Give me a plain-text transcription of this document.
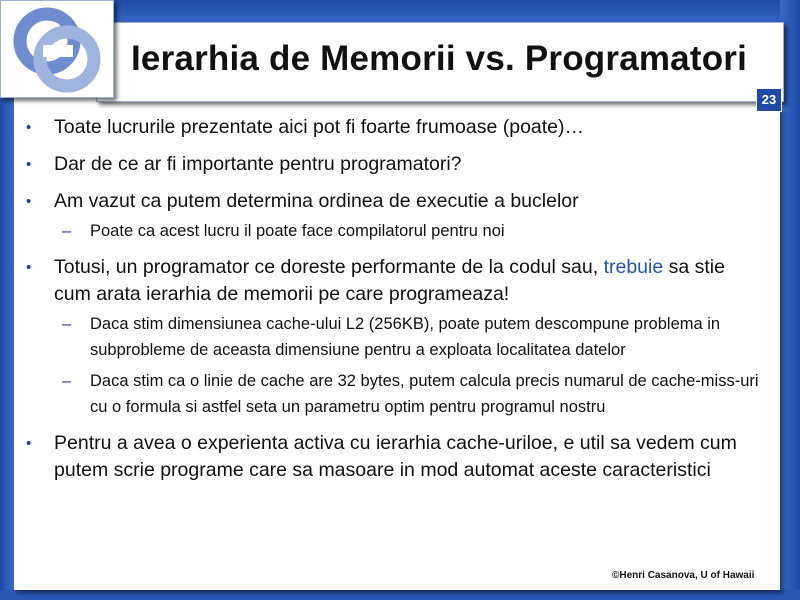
• Toate lucrurile prezentate aici pot fi foarte frumoase (poate)…
• Dar de ce ar fi importante pentru programatori?
• Am vazut ca putem determina ordinea de executie a buclelor
– Poate ca acest lucru il poate face compilatorul pentru noi
• Totusi, un programator ce doreste performante de la codul sau, trebuie sa stie cum arata ierarhia de memorii pe care programeaza!
– Daca stim dimensiunea cache-ului L2 (256KB), poate putem descompune problema in subprobleme de aceasta dimensiune pentru a exploata localitatea datelor
– Daca stim ca o linie de cache are 32 bytes, putem calcula precis numarul de cache-miss-uri cu o formula si astfel seta un parametru optim pentru programul nostru
• Pentru a avea o experienta activa cu ierarhia cache-uriloe, e util sa vedem cum putem scrie programe care sa masoare in mod automat aceste caracteristici
Ierarhia de Memorii vs. Programatori
23
©Henri Casanova, U of Hawaii
